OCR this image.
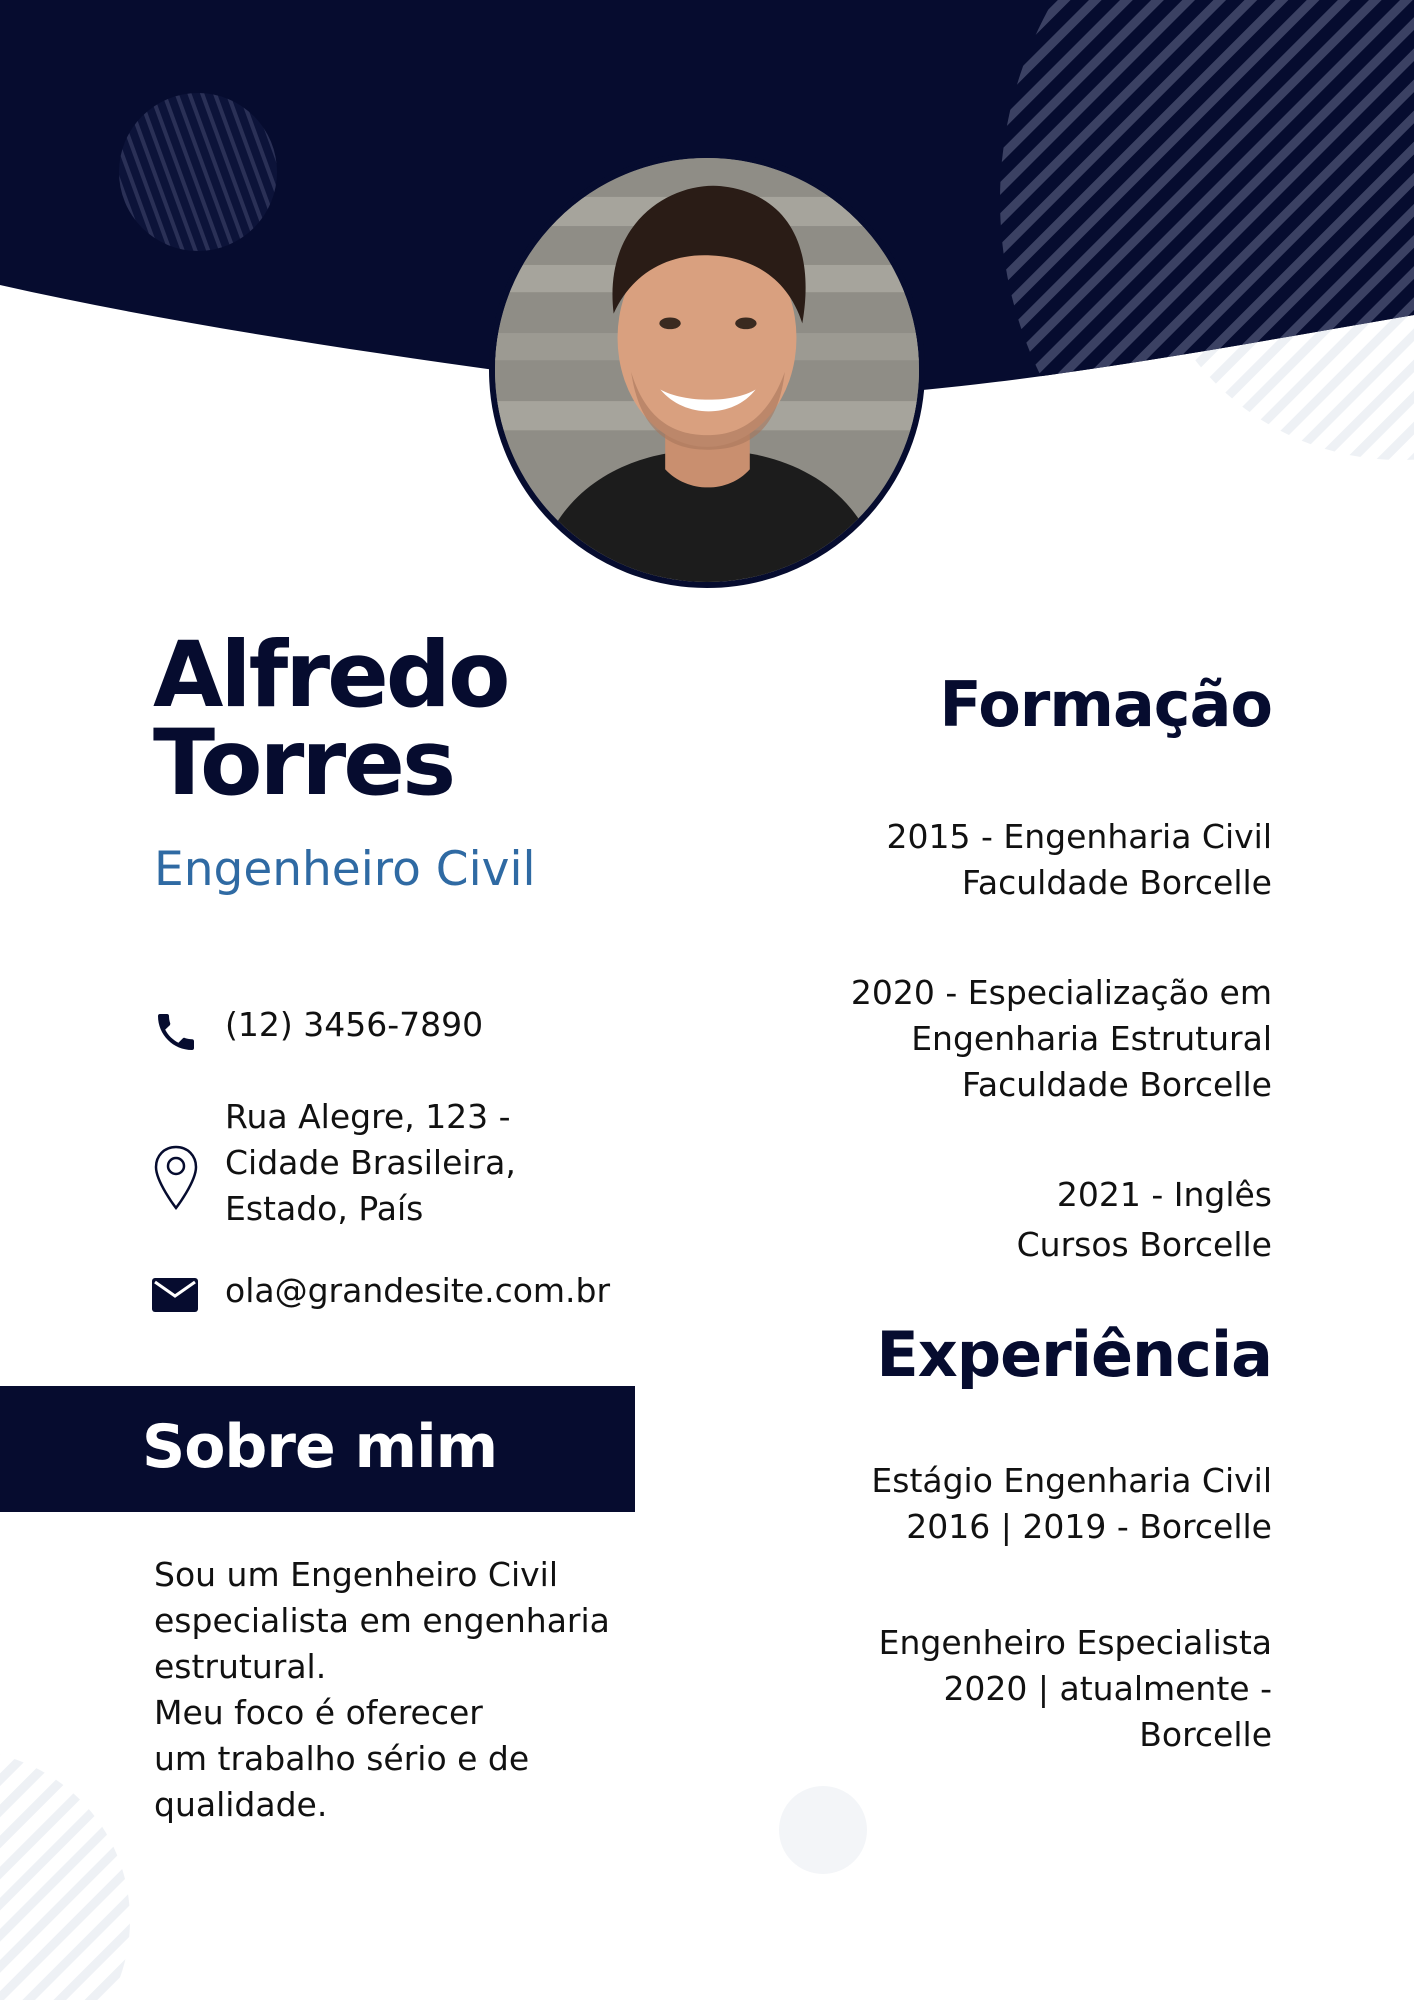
Alfredo
Torres
Engenheiro Civil
(12) 3456-7890
Rua Alegre, 123 -
Cidade Brasileira,
Estado, País
ola@grandesite.com.br
Sobre mim
Sou um Engenheiro Civil
especialista em engenharia
estrutural.
Meu foco é oferecer
um trabalho sério e de
qualidade.
Formação
2015 - Engenharia Civil
Faculdade Borcelle
2020 - Especialização em
Engenharia Estrutural
Faculdade Borcelle
2021 - Inglês
Cursos Borcelle
Experiência
Estágio Engenharia Civil
2016 | 2019 - Borcelle
Engenheiro Especialista
2020 | atualmente -
Borcelle
